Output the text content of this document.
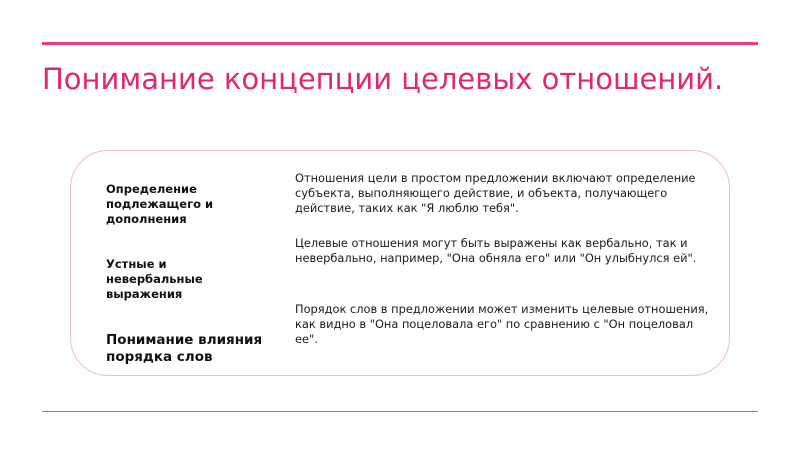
Понимание концепции целевых отношений.

Определение подлежащего и дополнения

Отношения цели в простом предложении включают определение субъекта, выполняющего действие, и объекта, получающего действие, таких как "Я люблю тебя".

Устные и невербальные выражения

Целевые отношения могут быть выражены как вербально, так и невербально, например, "Она обняла его" или "Он улыбнулся ей".

Понимание влияния порядка слов

Порядок слов в предложении может изменить целевые отношения, как видно в "Она поцеловала его" по сравнению с "Он поцеловал ее".
